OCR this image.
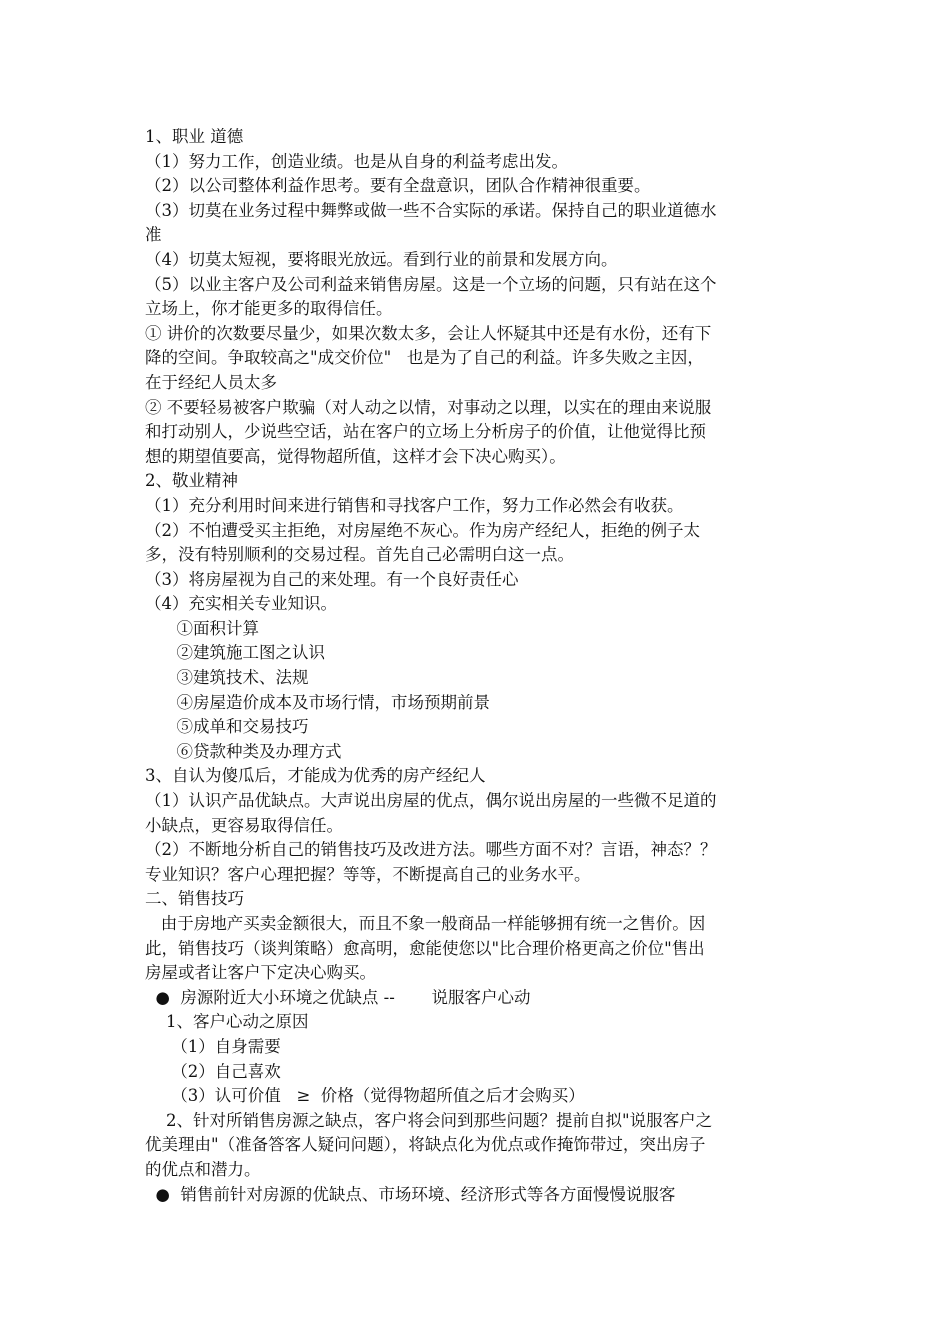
1、职业 道德
（1）努力工作，创造业绩。也是从自身的利益考虑出发。
（2）以公司整体利益作思考。要有全盘意识，团队合作精神很重要。
（3）切莫在业务过程中舞弊或做一些不合实际的承诺。保持自己的职业道德水
准
（4）切莫太短视，要将眼光放远。看到行业的前景和发展方向。
（5）以业主客户及公司利益来销售房屋。这是一个立场的问题，只有站在这个
立场上，你才能更多的取得信任。
① 讲价的次数要尽量少，如果次数太多，会让人怀疑其中还是有水份，还有下
降的空间。争取较高之"成交价位"   也是为了自己的利益。许多失败之主因，
在于经纪人员太多
② 不要轻易被客户欺骗（对人动之以情，对事动之以理，以实在的理由来说服
和打动别人，少说些空话，站在客户的立场上分析房子的价值，让他觉得比预
想的期望值要高，觉得物超所值，这样才会下决心购买）。
2、敬业精神
（1）充分利用时间来进行销售和寻找客户工作，努力工作必然会有收获。
（2）不怕遭受买主拒绝，对房屋绝不灰心。作为房产经纪人，拒绝的例子太
多，没有特别顺利的交易过程。首先自己必需明白这一点。
（3）将房屋视为自己的来处理。有一个良好责任心
（4）充实相关专业知识。
①面积计算
②建筑施工图之认识
③建筑技术、法规
④房屋造价成本及市场行情，市场预期前景
⑤成单和交易技巧
⑥贷款种类及办理方式
3、自认为傻瓜后，才能成为优秀的房产经纪人
（1）认识产品优缺点。大声说出房屋的优点，偶尔说出房屋的一些微不足道的
小缺点，更容易取得信任。
（2）不断地分析自己的销售技巧及改进方法。哪些方面不对？言语，神态？？
专业知识？客户心理把握？等等，不断提高自己的业务水平。
二、销售技巧
由于房地产买卖金额很大，而且不象一般商品一样能够拥有统一之售价。因
此，销售技巧（谈判策略）愈高明，愈能使您以"比合理价格更高之价位"售出
房屋或者让客户下定决心购买。
●  房源附近大小环境之优缺点 --       说服客户心动
1、客户心动之原因
（1）自身需要
（2）自己喜欢
（3）认可价值   ≥  价格（觉得物超所值之后才会购买）
2、针对所销售房源之缺点，客户将会问到那些问题？提前自拟"说服客户之
优美理由"（准备答客人疑问问题），将缺点化为优点或作掩饰带过，突出房子
的优点和潜力。
●  销售前针对房源的优缺点、市场环境、经济形式等各方面慢慢说服客
